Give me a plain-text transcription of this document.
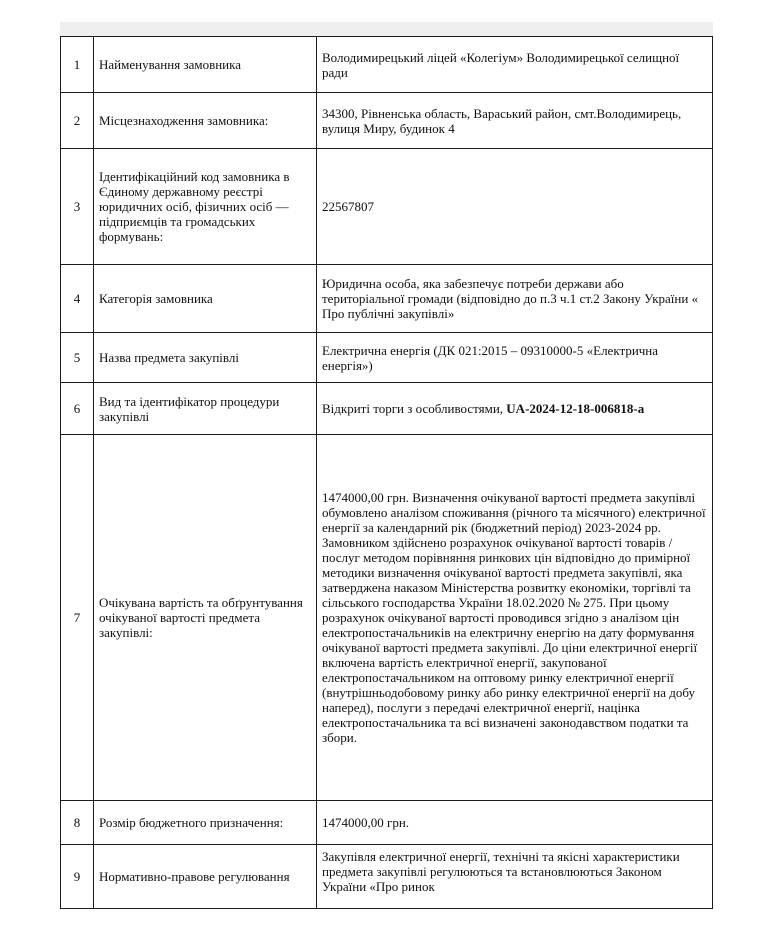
1	Найменування замовника	Володимирецький ліцей «Колегіум» Володимирецької селищної ради
2	Місцезнаходження замовника:	34300, Рівненська область, Вараський район, смт.Володимирець, вулиця Миру, будинок 4
3	Ідентифікаційний код замовника в Єдиному державному реєстрі юридичних осіб, фізичних осіб — підприємців та громадських формувань:	22567807
4	Категорія замовника	Юридична особа, яка забезпечує потреби держави або територіальної громади (відповідно до п.3 ч.1 ст.2 Закону України « Про публічні закупівлі»
5	Назва предмета закупівлі	Електрична енергія (ДК 021:2015 – 09310000-5 «Електрична енергія»)
6	Вид та ідентифікатор процедури закупівлі	Відкриті торги з особливостями, UA-2024-12-18-006818-a
7	Очікувана вартість та обґрунтування очікуваної вартості предмета закупівлі:	1474000,00 грн. Визначення очікуваної вартості предмета закупівлі обумовлено аналізом споживання (річного та місячного) електричної енергії за календарний рік (бюджетний період) 2023-2024 рр. Замовником здійснено розрахунок очікуваної вартості товарів / послуг методом порівняння ринкових цін відповідно до примірної методики визначення очікуваної вартості предмета закупівлі, яка затверджена наказом Міністерства розвитку економіки, торгівлі та сільського господарства України 18.02.2020 № 275. При цьому розрахунок очікуваної вартості проводився згідно з аналізом цін електропостачальників на електричну енергію на дату формування очікуваної вартості предмета закупівлі. До ціни електричної енергії включена вартість електричної енергії, закупованої електропостачальником на оптовому ринку електричної енергії (внутрішньодобовому ринку або ринку електричної енергії на добу наперед), послуги з передачі електричної енергії, націнка електропостачальника та всі визначені законодавством податки та збори.
8	Розмір бюджетного призначення:	1474000,00 грн.
9	Нормативно-правове регулювання	Закупівля електричної енергії, технічні та якісні характеристики предмета закупівлі регулюються та встановлюються Законом України «Про ринок
